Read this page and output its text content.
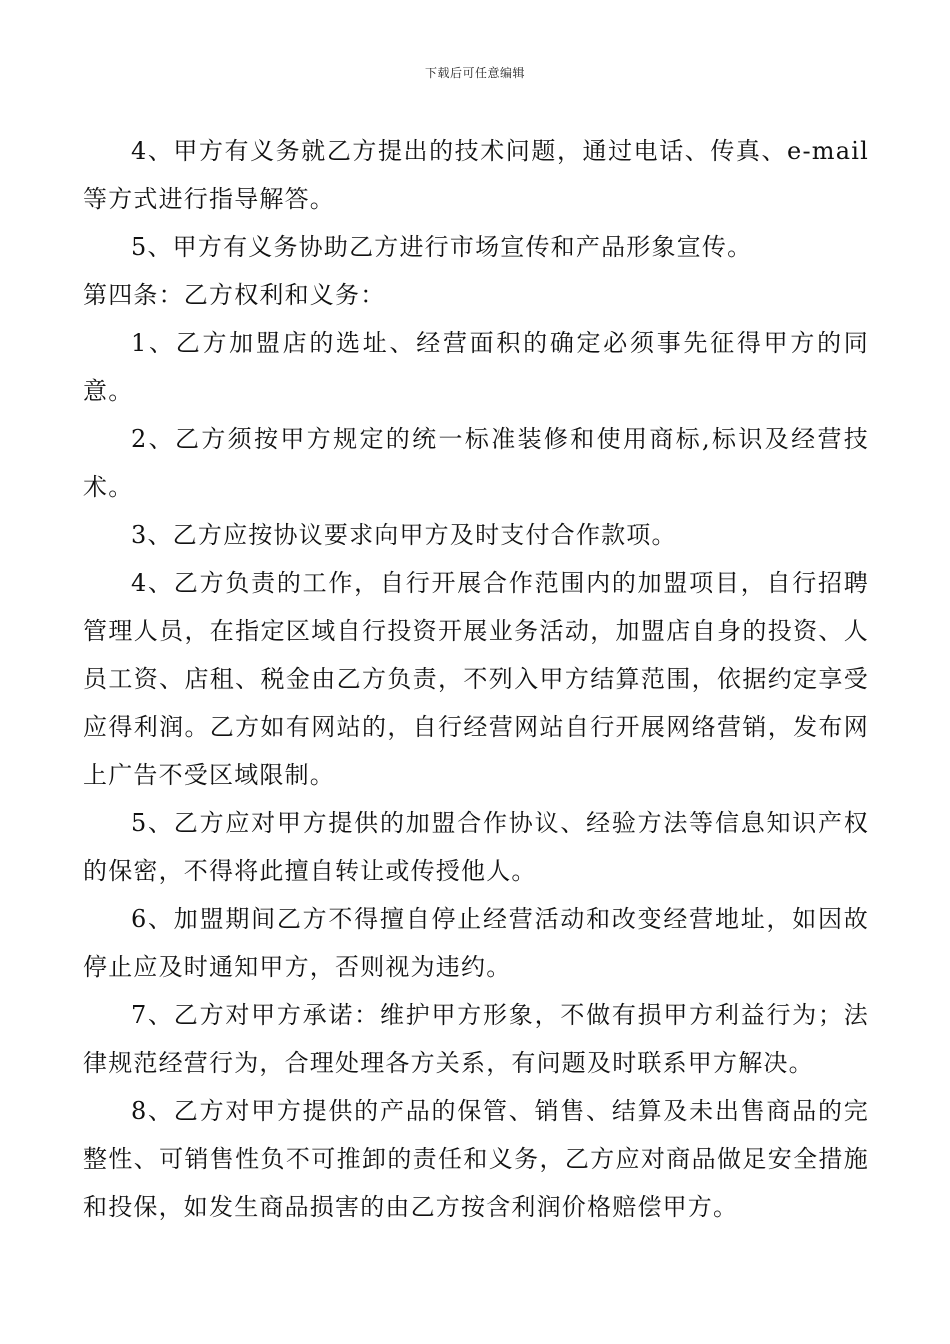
下载后可任意编辑

4、甲方有义务就乙方提出的技术问题，通过电话、传真、e-mail等方式进行指导解答。

5、甲方有义务协助乙方进行市场宣传和产品形象宣传。

第四条：乙方权利和义务：

1、乙方加盟店的选址、经营面积的确定必须事先征得甲方的同意。

2、乙方须按甲方规定的统一标准装修和使用商标,标识及经营技术。

3、乙方应按协议要求向甲方及时支付合作款项。

4、乙方负责的工作，自行开展合作范围内的加盟项目，自行招聘管理人员，在指定区域自行投资开展业务活动，加盟店自身的投资、人员工资、店租、税金由乙方负责，不列入甲方结算范围，依据约定享受应得利润。乙方如有网站的，自行经营网站自行开展网络营销，发布网上广告不受区域限制。

5、乙方应对甲方提供的加盟合作协议、经验方法等信息知识产权的保密，不得将此擅自转让或传授他人。

6、加盟期间乙方不得擅自停止经营活动和改变经营地址，如因故停止应及时通知甲方，否则视为违约。

7、乙方对甲方承诺：维护甲方形象，不做有损甲方利益行为；法律规范经营行为，合理处理各方关系，有问题及时联系甲方解决。

8、乙方对甲方提供的产品的保管、销售、结算及未出售商品的完整性、可销售性负不可推卸的责任和义务，乙方应对商品做足安全措施和投保，如发生商品损害的由乙方按含利润价格赔偿甲方。
